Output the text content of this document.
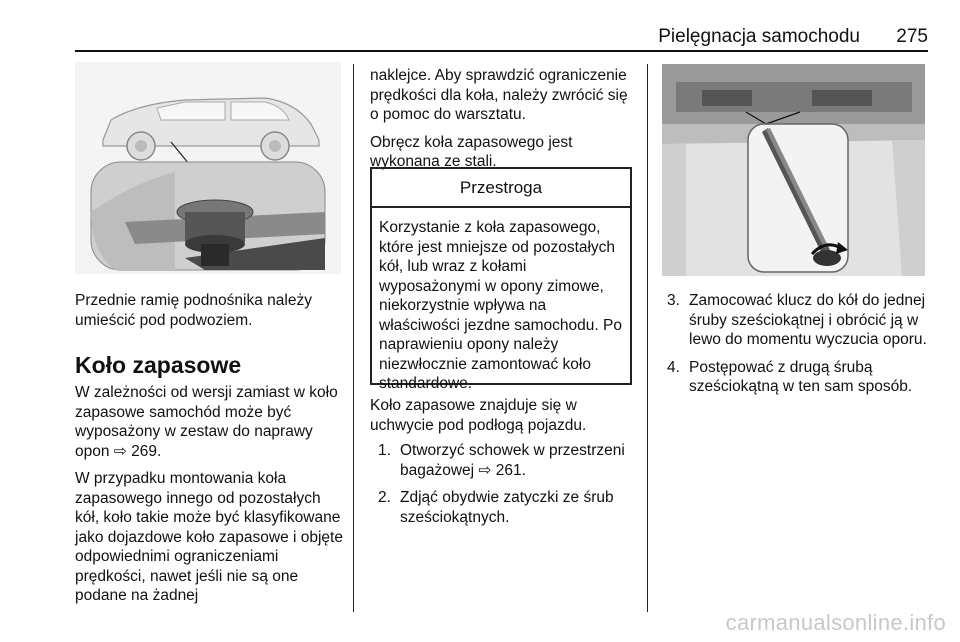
Pielęgnacja samochodu 275

Przednie ramię podnośnika należy umieścić pod podwoziem.

Koło zapasowe

W zależności od wersji zamiast w koło zapasowe samochód może być wyposażony w zestaw do naprawy opon ⇨ 269.

W przypadku montowania koła zapasowego innego od pozostałych kół, koło takie może być klasyfikowane jako dojazdowe koło zapasowe i objęte odpowiednimi ograniczeniami prędkości, nawet jeśli nie są one podane na żadnej

naklejce. Aby sprawdzić ograniczenie prędkości dla koła, należy zwrócić się o pomoc do warsztatu.

Obręcz koła zapasowego jest wykonana ze stali.

Przestroga
Korzystanie z koła zapasowego, które jest mniejsze od pozostałych kół, lub wraz z kołami wyposażonymi w opony zimowe, niekorzystnie wpływa na właściwości jezdne samochodu. Po naprawieniu opony należy niezwłocznie zamontować koło standardowe.

Koło zapasowe znajduje się w uchwycie pod podłogą pojazdu.

1. Otworzyć schowek w przestrzeni bagażowej ⇨ 261.
2. Zdjąć obydwie zatyczki ze śrub sześciokątnych.
3. Zamocować klucz do kół do jednej śruby sześciokątnej i obrócić ją w lewo do momentu wyczucia oporu.
4. Postępować z drugą śrubą sześciokątną w ten sam sposób.
carmanualsonline.info
